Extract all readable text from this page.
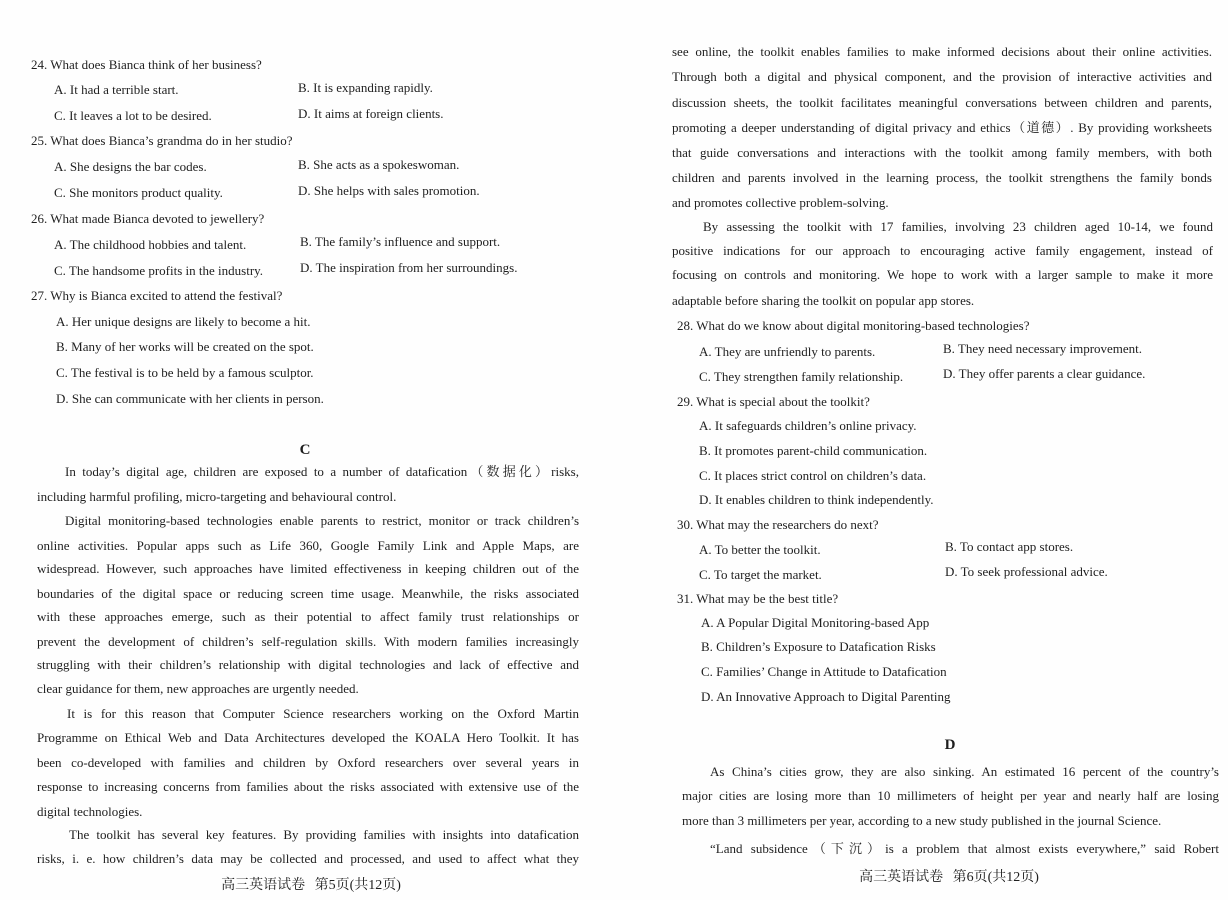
24. What does Bianca think of her business?
A. It had a terrible start.	B. It is expanding rapidly.
C. It leaves a lot to be desired.	D. It aims at foreign clients.
25. What does Bianca’s grandma do in her studio?
A. She designs the bar codes.	B. She acts as a spokeswoman.
C. She monitors product quality.	D. She helps with sales promotion.
26. What made Bianca devoted to jewellery?
A. The childhood hobbies and talent.	B. The family’s influence and support.
C. The handsome profits in the industry.	D. The inspiration from her surroundings.
27. Why is Bianca excited to attend the festival?
A. Her unique designs are likely to become a hit.
B. Many of her works will be created on the spot.
C. The festival is to be held by a famous sculptor.
D. She can communicate with her clients in person.
C
In today’s digital age, children are exposed to a number of datafication（数据化）risks,
including harmful profiling, micro-targeting and behavioural control.
Digital monitoring-based technologies enable parents to restrict, monitor or track children’s
online activities. Popular apps such as Life 360, Google Family Link and Apple Maps, are
widespread. However, such approaches have limited effectiveness in keeping children out of the
boundaries of the digital space or reducing screen time usage. Meanwhile, the risks associated
with these approaches emerge, such as their potential to affect family trust relationships or
prevent the development of children’s self-regulation skills. With modern families increasingly
struggling with their children’s relationship with digital technologies and lack of effective and
clear guidance for them, new approaches are urgently needed.
It is for this reason that Computer Science researchers working on the Oxford Martin
Programme on Ethical Web and Data Architectures developed the KOALA Hero Toolkit. It has
been co-developed with families and children by Oxford researchers over several years in
response to increasing concerns from families about the risks associated with extensive use of the
digital technologies.
The toolkit has several key features. By providing families with insights into datafication
risks, i. e. how children’s data may be collected and processed, and used to affect what they
高三英语试卷 第5页(共12页)
see online, the toolkit enables families to make informed decisions about their online activities.
Through both a digital and physical component, and the provision of interactive activities and
discussion sheets, the toolkit facilitates meaningful conversations between children and parents,
promoting a deeper understanding of digital privacy and ethics（道德）. By providing worksheets
that guide conversations and interactions with the toolkit among family members, with both
children and parents involved in the learning process, the toolkit strengthens the family bonds
and promotes collective problem-solving.
By assessing the toolkit with 17 families, involving 23 children aged 10-14, we found
positive indications for our approach to encouraging active family engagement, instead of
focusing on controls and monitoring. We hope to work with a larger sample to make it more
adaptable before sharing the toolkit on popular app stores.
28. What do we know about digital monitoring-based technologies?
A. They are unfriendly to parents.	B. They need necessary improvement.
C. They strengthen family relationship.	D. They offer parents a clear guidance.
29. What is special about the toolkit?
A. It safeguards children’s online privacy.
B. It promotes parent-child communication.
C. It places strict control on children’s data.
D. It enables children to think independently.
30. What may the researchers do next?
A. To better the toolkit.	B. To contact app stores.
C. To target the market.	D. To seek professional advice.
31. What may be the best title?
A. A Popular Digital Monitoring-based App
B. Children’s Exposure to Datafication Risks
C. Families’ Change in Attitude to Datafication
D. An Innovative Approach to Digital Parenting
D
As China’s cities grow, they are also sinking. An estimated 16 percent of the country’s
major cities are losing more than 10 millimeters of height per year and nearly half are losing
more than 3 millimeters per year, according to a new study published in the journal Science.
“Land subsidence（下沉）is a problem that almost exists everywhere,” said Robert
高三英语试卷 第6页(共12页)
